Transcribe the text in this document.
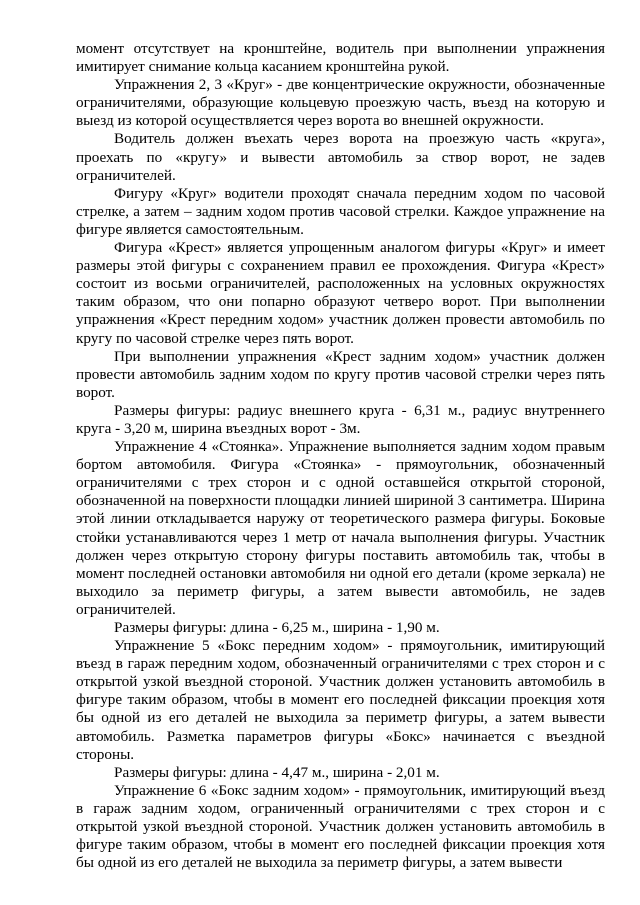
момент отсутствует на кронштейне, водитель при выполнении упражнения имитирует снимание кольца касанием кронштейна рукой.

Упражнения 2, 3 «Круг» - две концентрические окружности, обозначенные ограничителями, образующие кольцевую проезжую часть, въезд на которую и выезд из которой осуществляется через ворота во внешней окружности.

Водитель должен въехать через ворота на проезжую часть «круга», проехать по «кругу» и вывести автомобиль за створ ворот, не задев ограничителей.

Фигуру «Круг» водители проходят сначала передним ходом по часовой стрелке, а затем – задним ходом против часовой стрелки. Каждое упражнение на фигуре является самостоятельным.

Фигура «Крест» является упрощенным аналогом фигуры «Круг» и имеет размеры этой фигуры с сохранением правил ее прохождения. Фигура «Крест» состоит из восьми ограничителей, расположенных на условных окружностях таким образом, что они попарно образуют четверо ворот. При выполнении упражнения «Крест передним ходом» участник должен провести автомобиль по кругу по часовой стрелке через пять ворот.

При выполнении упражнения «Крест задним ходом» участник должен провести автомобиль задним ходом по кругу против часовой стрелки через пять ворот.

Размеры фигуры: радиус внешнего круга - 6,31 м., радиус внутреннего круга - 3,20 м, ширина въездных ворот - 3м.

Упражнение 4 «Стоянка». Упражнение выполняется задним ходом правым бортом автомобиля. Фигура «Стоянка» - прямоугольник, обозначенный ограничителями с трех сторон и с одной оставшейся открытой стороной, обозначенной на поверхности площадки линией шириной 3 сантиметра. Ширина этой линии откладывается наружу от теоретического размера фигуры. Боковые стойки устанавливаются через 1 метр от начала выполнения фигуры. Участник должен через открытую сторону фигуры поставить автомобиль так, чтобы в момент последней остановки автомобиля ни одной его детали (кроме зеркала) не выходило за периметр фигуры, а затем вывести автомобиль, не задев ограничителей.

Размеры фигуры: длина - 6,25 м., ширина - 1,90 м.

Упражнение 5 «Бокс передним ходом» - прямоугольник, имитирующий въезд в гараж передним ходом, обозначенный ограничителями с трех сторон и с открытой узкой въездной стороной. Участник должен установить автомобиль в фигуре таким образом, чтобы в момент его последней фиксации проекция хотя бы одной из его деталей не выходила за периметр фигуры, а затем вывести автомобиль. Разметка параметров фигуры «Бокс» начинается с въездной стороны.

Размеры фигуры: длина - 4,47 м., ширина - 2,01 м.

Упражнение 6 «Бокс задним ходом» - прямоугольник, имитирующий въезд в гараж задним ходом, ограниченный ограничителями с трех сторон и с открытой узкой въездной стороной. Участник должен установить автомобиль в фигуре таким образом, чтобы в момент его последней фиксации проекция хотя бы одной из его деталей не выходила за периметр фигуры, а затем вывести
